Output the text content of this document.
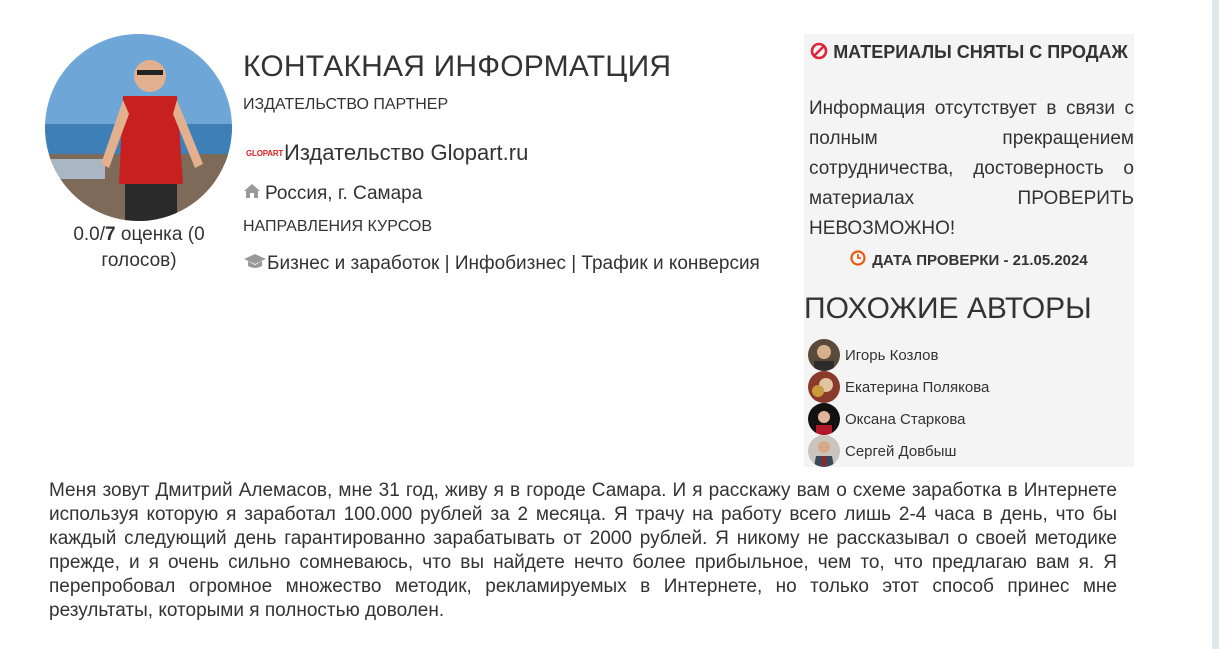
0.0/7 оценка (0 голосов)
КОНТАКНАЯ ИНФОРМАТЦИЯ
ИЗДАТЕЛЬСТВО ПАРТНЕР
GLOPART Издательство Glopart.ru
Россия, г. Самара
НАПРАВЛЕНИЯ КУРСОВ
Бизнес и заработок | Инфобизнес | Трафик и конверсия
МАТЕРИАЛЫ СНЯТЫ С ПРОДАЖ
Информация отсутствует в связи с полным прекращением сотрудничества, достоверность о материалах ПРОВЕРИТЬ НЕВОЗМОЖНО!
ДАТА ПРОВЕРКИ - 21.05.2024
ПОХОЖИЕ АВТОРЫ
Игорь Козлов
Екатерина Полякова
Оксана Старкова
Сергей Довбыш
Меня зовут Дмитрий Алемасов, мне 31 год, живу я в городе Самара. И я расскажу вам о схеме заработка в Интернете используя которую я заработал 100.000 рублей за 2 месяца. Я трачу на работу всего лишь 2-4 часа в день, что бы каждый следующий день гарантированно зарабатывать от 2000 рублей. Я никому не рассказывал о своей методике прежде, и я очень сильно сомневаюсь, что вы найдете нечто более прибыльное, чем то, что предлагаю вам я. Я перепробовал огромное множество методик, рекламируемых в Интернете, но только этот способ принес мне результаты, которыми я полностью доволен.
